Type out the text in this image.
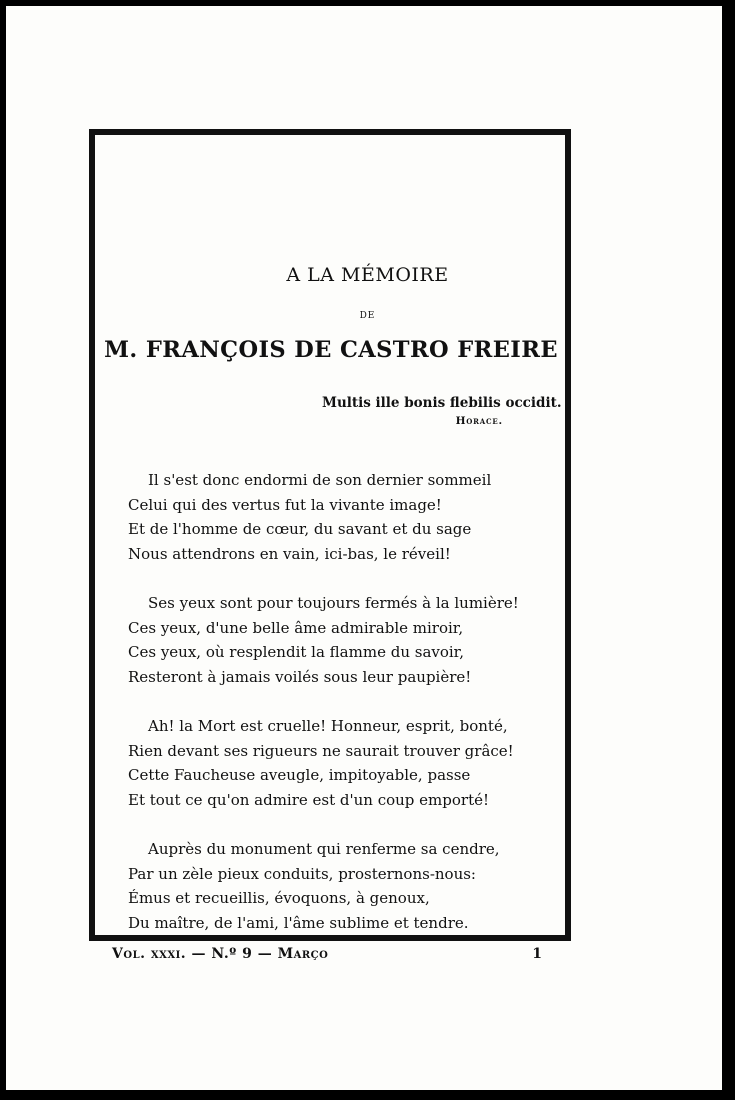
A LA MÉMOIRE
DE
M. FRANÇOIS DE CASTRO FREIRE
Multis ille bonis flebilis occidit.
Horace.
Il s'est donc endormi de son dernier sommeil
Celui qui des vertus fut la vivante image!
Et de l'homme de cœur, du savant et du sage
Nous attendrons en vain, ici-bas, le réveil!
Ses yeux sont pour toujours fermés à la lumière!
Ces yeux, d'une belle âme admirable miroir,
Ces yeux, où resplendit la flamme du savoir,
Resteront à jamais voilés sous leur paupière!
Ah! la Mort est cruelle! Honneur, esprit, bonté,
Rien devant ses rigueurs ne saurait trouver grâce!
Cette Faucheuse aveugle, impitoyable, passe
Et tout ce qu'on admire est d'un coup emporté!
Auprès du monument qui renferme sa cendre,
Par un zèle pieux conduits, prosternons-nous:
Émus et recueillis, évoquons, à genoux,
Du maître, de l'ami, l'âme sublime et tendre.
Vol. xxxi. — N.º 9 — Março	1
